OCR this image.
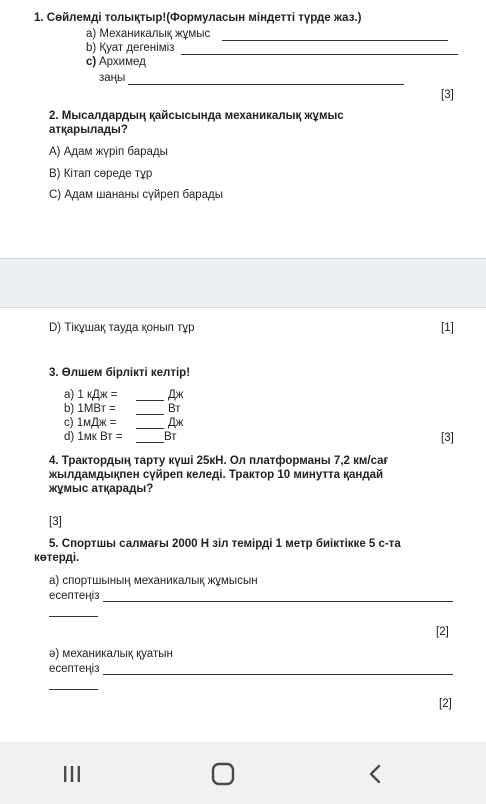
1. Сөйлемді толықтыр!(Формуласын міндетті түрде жаз.)
а) Механикалық жұмыс
b) Қуат дегеніміз
с) Архимед
заңы
[3]
2. Мысалдардың қайсысында механикалық жұмыс
атқарылады?
А) Адам жүріп барады
В) Кітап сөреде тұр
С) Адам шананы сүйреп барады
D) Тікұшақ тауда қонып тұр	[1]
3. Өлшем бірлікті келтір!
а) 1 кДж =	Дж
b) 1МВт =	Вт
с) 1мДж =	Дж
d) 1мк Вт =	Вт	[3]
4. Трактордың тарту күші 25кН. Ол платформаны 7,2 км/сағ
жылдамдықпен сүйреп келеді. Трактор 10 минутта қандай
жұмыс атқарады?
[3]
5. Спортшы салмағы 2000 Н зіл темірді 1 метр биіктікке 5 с-та
көтерді.
а) спортшының механикалық жұмысын
есептеңіз
[2]
ә) механикалық қуатын
есептеңіз
[2]
